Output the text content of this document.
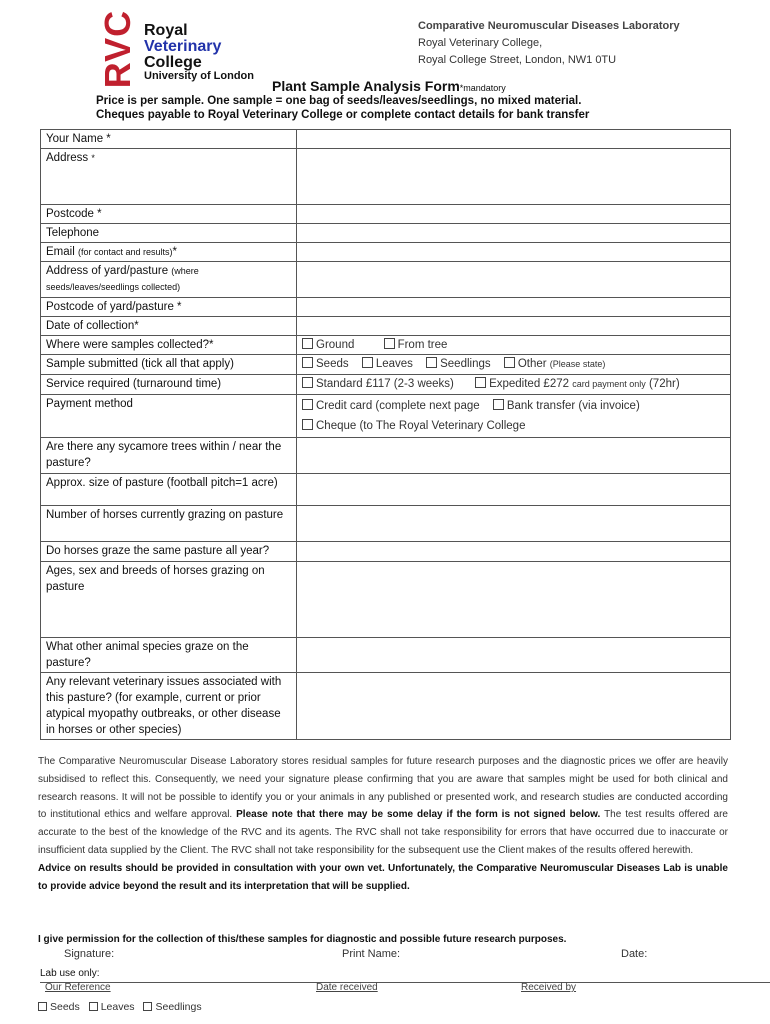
RVC Royal
Veterinary
College
University of London
Comparative Neuromuscular Diseases Laboratory
Royal Veterinary College,
Royal College Street, London, NW1 0TU
Plant Sample Analysis Form*mandatory
Price is per sample. One sample = one bag of seeds/leaves/seedlings, no mixed material.
Cheques payable to Royal Veterinary College or complete contact details for bank transfer
Your Name *	
Address *	
Postcode *	
Telephone	
Email (for contact and results)*	
Address of yard/pasture (where seeds/leaves/seedlings collected)	
Postcode of yard/pasture *	
Date of collection*	
Where were samples collected?*	Ground From tree
Sample submitted (tick all that apply)	Seeds Leaves Seedlings Other (Please state)
Service required (turnaround time)	Standard £117 (2-3 weeks) Expedited £272 card payment only (72hr)
Payment method	Credit card (complete next page Bank transfer (via invoice)
Cheque (to The Royal Veterinary College

Are there any sycamore trees within / near the pasture?	
Approx. size of pasture (football pitch=1 acre)	
Number of horses currently grazing on pasture	
Do horses graze the same pasture all year?	
Ages, sex and breeds of horses grazing on pasture	
What other animal species graze on the pasture?	
Any relevant veterinary issues associated with this pasture? (for example, current or prior atypical myopathy outbreaks, or other disease in horses or other species)	
The Comparative Neuromuscular Disease Laboratory stores residual samples for future research purposes and the diagnostic prices we offer are heavily subsidised to reflect this. Consequently, we need your signature please confirming that you are aware that samples might be used for both clinical and research reasons. It will not be possible to identify you or your animals in any published or presented work, and research studies are conducted according to institutional ethics and welfare approval. Please note that there may be some delay if the form is not signed below. The test results offered are accurate to the best of the knowledge of the RVC and its agents. The RVC shall not take responsibility for errors that have occurred due to inaccurate or insufficient data supplied by the Client. The RVC shall not take responsibility for the subsequent use the Client makes of the results offered herewith.
Advice on results should be provided in consultation with your own vet. Unfortunately, the Comparative Neuromuscular Diseases Lab is unable to provide advice beyond the result and its interpretation that will be supplied.
I give permission for the collection of this/these samples for diagnostic and possible future research purposes.
Signature:	Print Name:	Date:
Lab use only:
Our Reference	Date received	Received by
Seeds Leaves Seedlings
